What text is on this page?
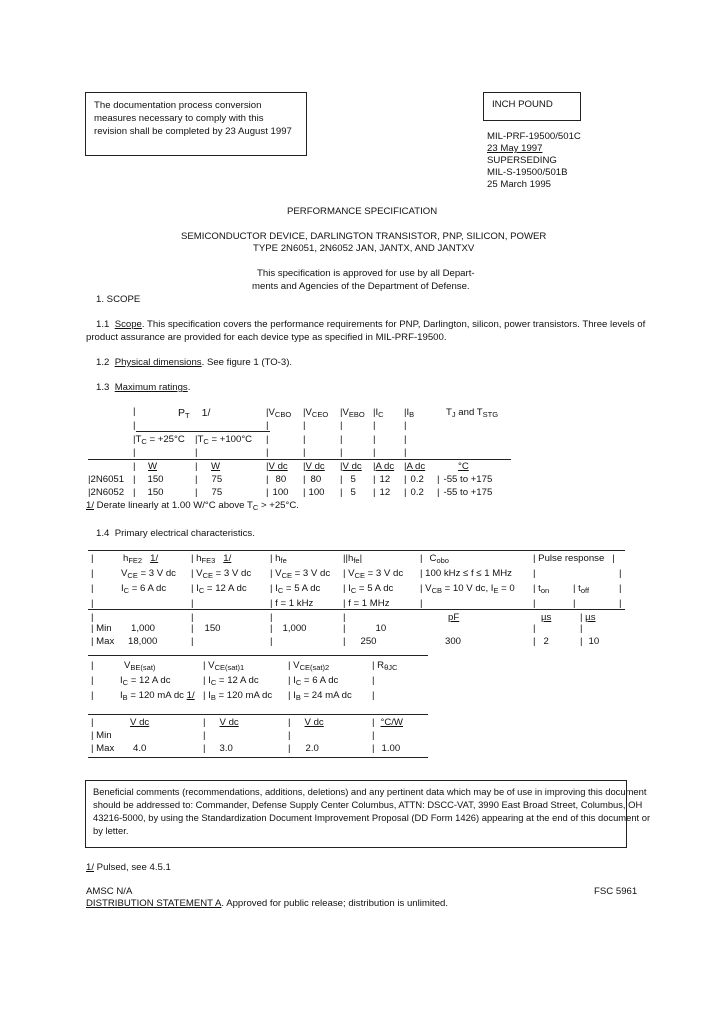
The documentation process conversion
measures necessary to comply with this
revision shall be completed by 23 August 1997
INCH POUND
MIL-PRF-19500/501C
23 May 1997
SUPERSEDING
MIL-S-19500/501B
25 March 1995
PERFORMANCE SPECIFICATION
SEMICONDUCTOR DEVICE, DARLINGTON TRANSISTOR, PNP, SILICON, POWER
TYPE 2N6051, 2N6052 JAN, JANTX, AND JANTXV
This specification is approved for use by all Depart-
ments and Agencies of the Department of Defense.
1. SCOPE
1.1 Scope. This specification covers the performance requirements for PNP, Darlington, silicon, power transistors. Three levels of
product assurance are provided for each device type as specified in MIL-PRF-19500.
1.2 Physical dimensions. See figure 1 (TO-3).
1.3 Maximum ratings.
|	$P_T$ 1/	$|V_{CBO}$ $|V_{CEO}$ $|V_{EBO}$ $|I_C$ $|I_B$	$T_J$ and $T_{STG}$
|	|	|	|	|	|
$|T_C = +25^\circ C$ $|T_C = +100^\circ C$ |	|	|	|	|
|	|	|	|	|	|	|
| W	| W	|V dc |V dc |V dc |A dc |A dc	°C
|2N6051 | 150	| 75	| 80 | 80 | 5 | 12 | 0.2 | -55 to +175
|2N6052 | 150	| 75	| 100 | 100 | 5 | 12 | 0.2 | -55 to +175
1/ Derate linearly at 1.00 W/°C above $T_C > +25^\circ C$.
1.4 Primary electrical characteristics.
|	$h_{FE2}$ 1/	| $h_{FE3}$ 1/	| $h_{fe}$	$||h_{fe}|$	| $C_{obo}$	| Pulse response |
|	$V_{CE} = 3$ V dc | $V_{CE} = 3$ V dc | $V_{CE} = 3$ V dc | $V_{CE} = 3$ V dc | 100 kHz ≤ f ≤ 1 MHz |	|
|	$I_C = 6$ A dc	| $I_C = 12$ A dc | $I_C = 5$ A dc | $I_C = 5$ A dc	| $V_{CB} = 10$ V dc, $I_E = 0$ | $t_{on}$ | $t_{off}$	|
|	|	| f = 1 kHz	| f = 1 MHz	|	|	|	|
|	|	|	|	pF	µs	| µs
| Min 1,000	| 150	| 1,000	|	10	|	|
| Max 18,000	|	|	| 250	300	| 2	| 10
|	$V_{BE(sat)}$	| $V_{CE(sat)1}$	| $V_{CE(sat)2}$	| $R_{\theta JC}$
|	$I_C = 12$ A dc	| $I_C = 12$ A dc	| $I_C = 6$ A dc	|
|	$I_B = 120$ mA dc 1/ | $I_B = 120$ mA dc | $I_B = 24$ mA dc |
|	V dc	| V dc	| V dc	| °C/W
| Min	|	|	|
| Max 4.0	| 3.0	| 2.0	| 1.00
Beneficial comments (recommendations, additions, deletions) and any pertinent data which may be of use in improving this document
should be addressed to: Commander, Defense Supply Center Columbus, ATTN: DSCC-VAT, 3990 East Broad Street, Columbus, OH
43216-5000, by using the Standardization Document Improvement Proposal (DD Form 1426) appearing at the end of this document or
by letter.
1/ Pulsed, see 4.5.1
AMSC N/A	FSC 5961
DISTRIBUTION STATEMENT A. Approved for public release; distribution is unlimited.
